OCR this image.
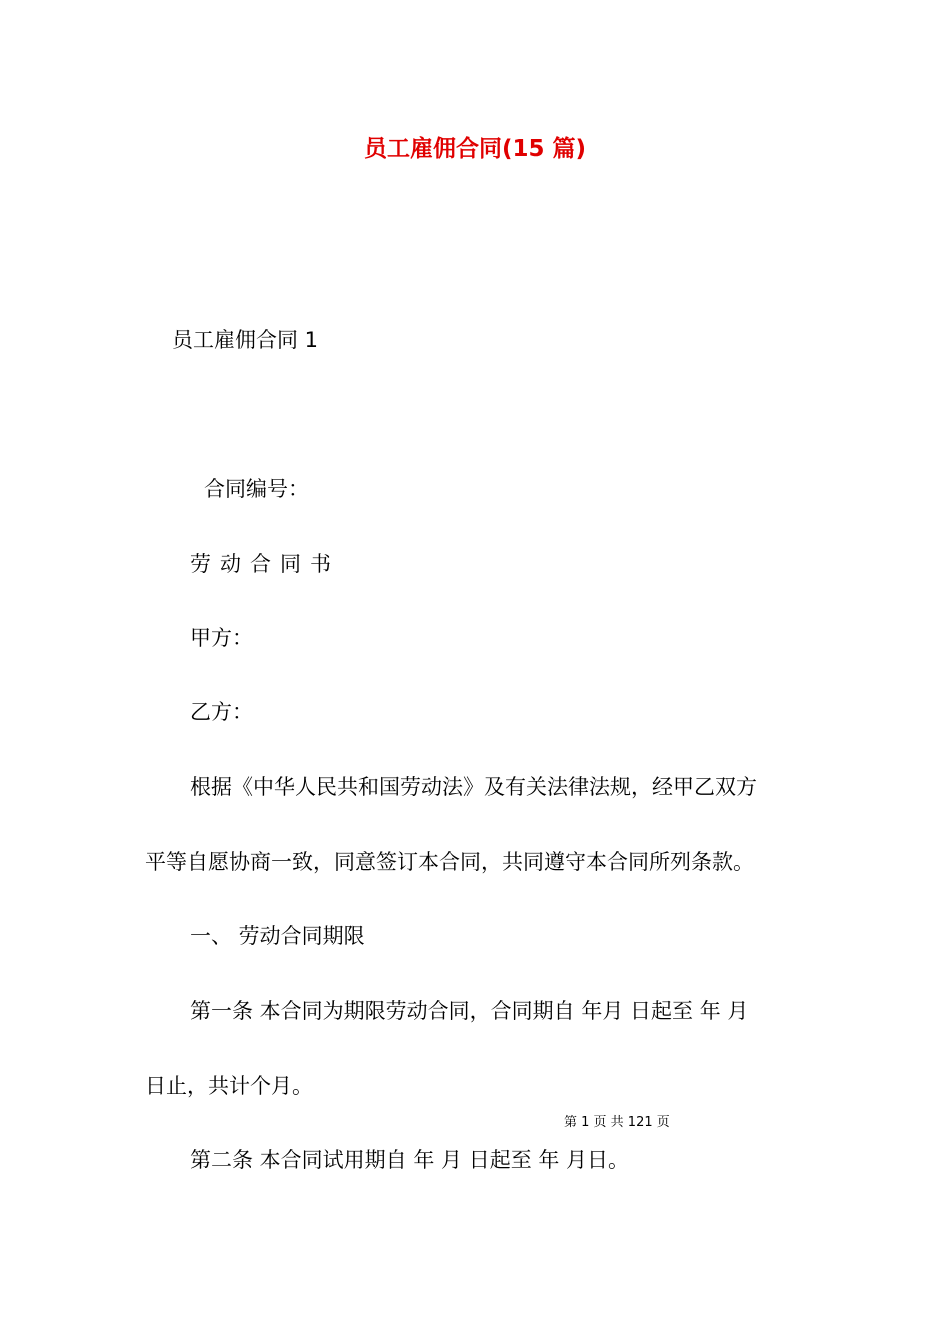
员工雇佣合同(15 篇)
员工雇佣合同 1
合同编号：
劳动合同书
甲方：
乙方：
根据《中华人民共和国劳动法》及有关法律法规，经甲乙双方
平等自愿协商一致，同意签订本合同，共同遵守本合同所列条款。
一、 劳动合同期限
第一条 本合同为期限劳动合同，合同期自 年月 日起至 年 月
日止，共计个月。
第 1 页 共 121 页
第二条 本合同试用期自 年 月 日起至 年 月日。
